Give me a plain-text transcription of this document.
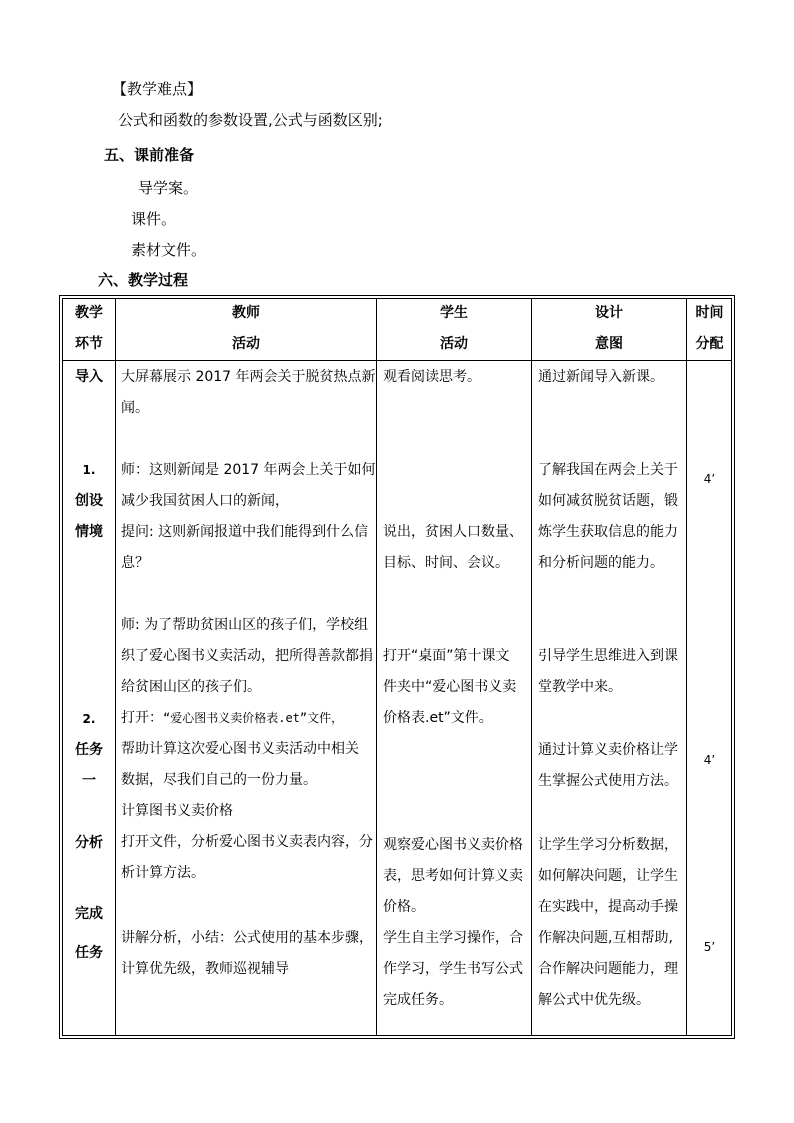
【教学难点】
公式和函数的参数设置,公式与函数区别;
五、课前准备
导学案。
课件。
素材文件。
六、教学过程
教学
环节
教师
活动
学生
活动
设计
意图
时间
分配
导入
1.
创设
情境
2.
任务
一
分析
完成
任务
大屏幕展示 2017 年两会关于脱贫热点新
闻。
师：这则新闻是 2017 年两会上关于如何
减少我国贫困人口的新闻，
提问: 这则新闻报道中我们能得到什么信
息？
师: 为了帮助贫困山区的孩子们，学校组
织了爱心图书义卖活动，把所得善款都捐
给贫困山区的孩子们。
打开：“爱心图书义卖价格表.et”文件，
帮助计算这次爱心图书义卖活动中相关
数据，尽我们自己的一份力量。
计算图书义卖价格
打开文件，分析爱心图书义卖表内容，分
析计算方法。
讲解分析，小结：公式使用的基本步骤，
计算优先级，教师巡视辅导
观看阅读思考。
说出，贫困人口数量、
目标、时间、会议。
打开“桌面”第十课文
件夹中“爱心图书义卖
价格表.et”文件。
观察爱心图书义卖价格
表，思考如何计算义卖
价格。
学生自主学习操作，合
作学习，学生书写公式
完成任务。
通过新闻导入新课。
了解我国在两会上关于
如何减贫脱贫话题，锻
炼学生获取信息的能力
和分析问题的能力。
引导学生思维进入到课
堂教学中来。
通过计算义卖价格让学
生掌握公式使用方法。
让学生学习分析数据，
如何解决问题，让学生
在实践中，提高动手操
作解决问题,互相帮助,
合作解决问题能力，理
解公式中优先级。
4’
4’
5’
